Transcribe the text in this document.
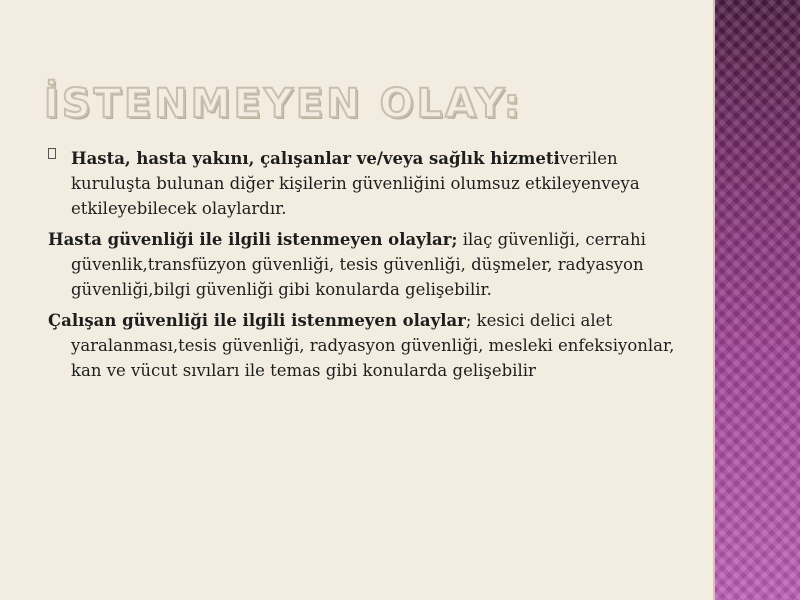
İSTENMEYEN OLAY:

Hasta, hasta yakını, çalışanlar ve/veya sağlık hizmetiverilen kuruluşta bulunan diğer kişilerin güvenliğini olumsuz etkileyenveya etkileyebilecek olaylardır.

Hasta güvenliği ile ilgili istenmeyen olaylar; ilaç güvenliği, cerrahi güvenlik,transfüzyon güvenliği, tesis güvenliği, düşmeler, radyasyon güvenliği,bilgi güvenliği gibi konularda gelişebilir.

Çalışan güvenliği ile ilgili istenmeyen olaylar; kesici delici alet yaralanması,tesis güvenliği, radyasyon güvenliği, mesleki enfeksiyonlar, kan ve vücut sıvıları ile temas gibi konularda gelişebilir
